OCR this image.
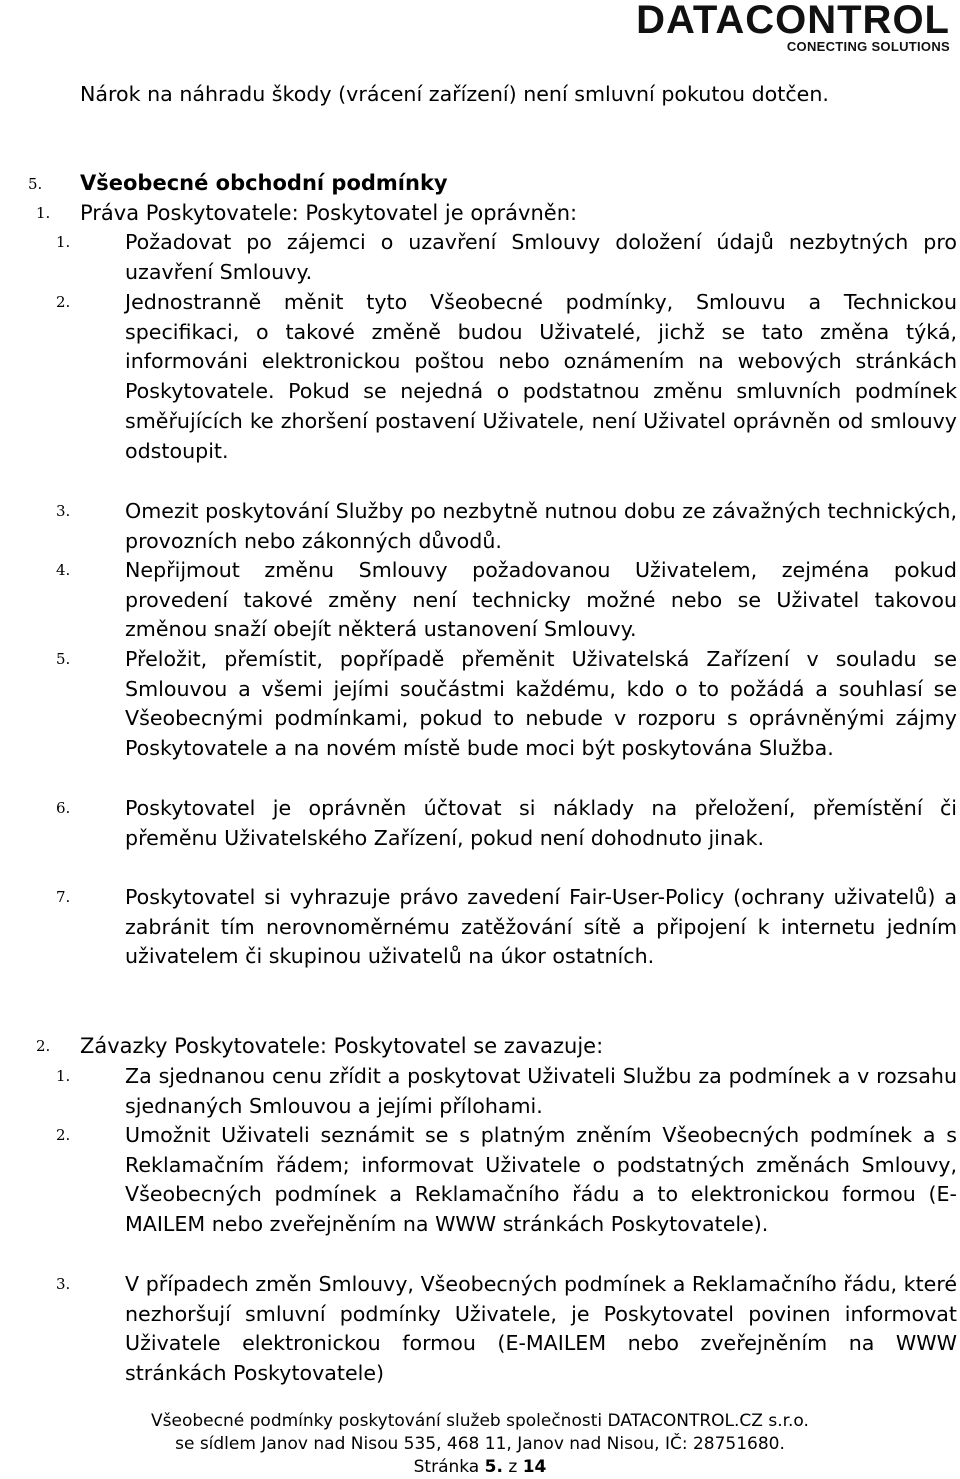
DATACONTROL
CONECTING SOLUTIONS

Nárok na náhradu škody (vrácení zařízení) není smluvní pokutou dotčen.

5. Všeobecné obchodní podmínky
1. Práva Poskytovatele: Poskytovatel je oprávněn:
1.	Požadovat po zájemci o uzavření Smlouvy doložení údajů nezbytných pro uzavření Smlouvy.

2.	Jednostranně měnit tyto Všeobecné podmínky, Smlouvu a Technickou specifikaci, o takové změně budou Uživatelé, jichž se tato změna týká, informováni elektronickou poštou nebo oznámením na webových stránkách Poskytovatele. Pokud se nejedná o podstatnou změnu smluvních podmínek směřujících ke zhoršení postavení Uživatele, není Uživatel oprávněn od smlouvy odstoupit.

3.	Omezit poskytování Služby po nezbytně nutnou dobu ze závažných technických, provozních nebo zákonných důvodů.

4.	Nepřijmout změnu Smlouvy požadovanou Uživatelem, zejména pokud provedení takové změny není technicky možné nebo se Uživatel takovou změnou snaží obejít některá ustanovení Smlouvy.

5.	Přeložit, přemístit, popřípadě přeměnit Uživatelská Zařízení v souladu se Smlouvou a všemi jejími součástmi každému, kdo o to požádá a souhlasí se Všeobecnými podmínkami, pokud to nebude v rozporu s oprávněnými zájmy Poskytovatele a na novém místě bude moci být poskytována Služba.

6.	Poskytovatel je oprávněn účtovat si náklady na přeložení, přemístění či přeměnu Uživatelského Zařízení, pokud není dohodnuto jinak.

7.	Poskytovatel si vyhrazuje právo zavedení Fair-User-Policy (ochrany uživatelů) a zabránit tím nerovnoměrnému zatěžování sítě a připojení k internetu jedním uživatelem či skupinou uživatelů na úkor ostatních.

2. Závazky Poskytovatele: Poskytovatel se zavazuje:
1.	Za sjednanou cenu zřídit a poskytovat Uživateli Službu za podmínek a v rozsahu sjednaných Smlouvou a jejími přílohami.

2.	Umožnit Uživateli seznámit se s platným zněním Všeobecných podmínek a s Reklamačním řádem; informovat Uživatele o podstatných změnách Smlouvy, Všeobecných podmínek a Reklamačního řádu a to elektronickou formou (E-MAILEM nebo zveřejněním na WWW stránkách Poskytovatele).

3.	V případech změn Smlouvy, Všeobecných podmínek a Reklamačního řádu, které nezhoršují smluvní podmínky Uživatele, je Poskytovatel povinen informovat Uživatele elektronickou formou (E-MAILEM nebo zveřejněním na WWW stránkách Poskytovatele)

Všeobecné podmínky poskytování služeb společnosti DATACONTROL.CZ s.r.o.
se sídlem Janov nad Nisou 535, 468 11, Janov nad Nisou, IČ: 28751680.
Stránka 5. z 14
